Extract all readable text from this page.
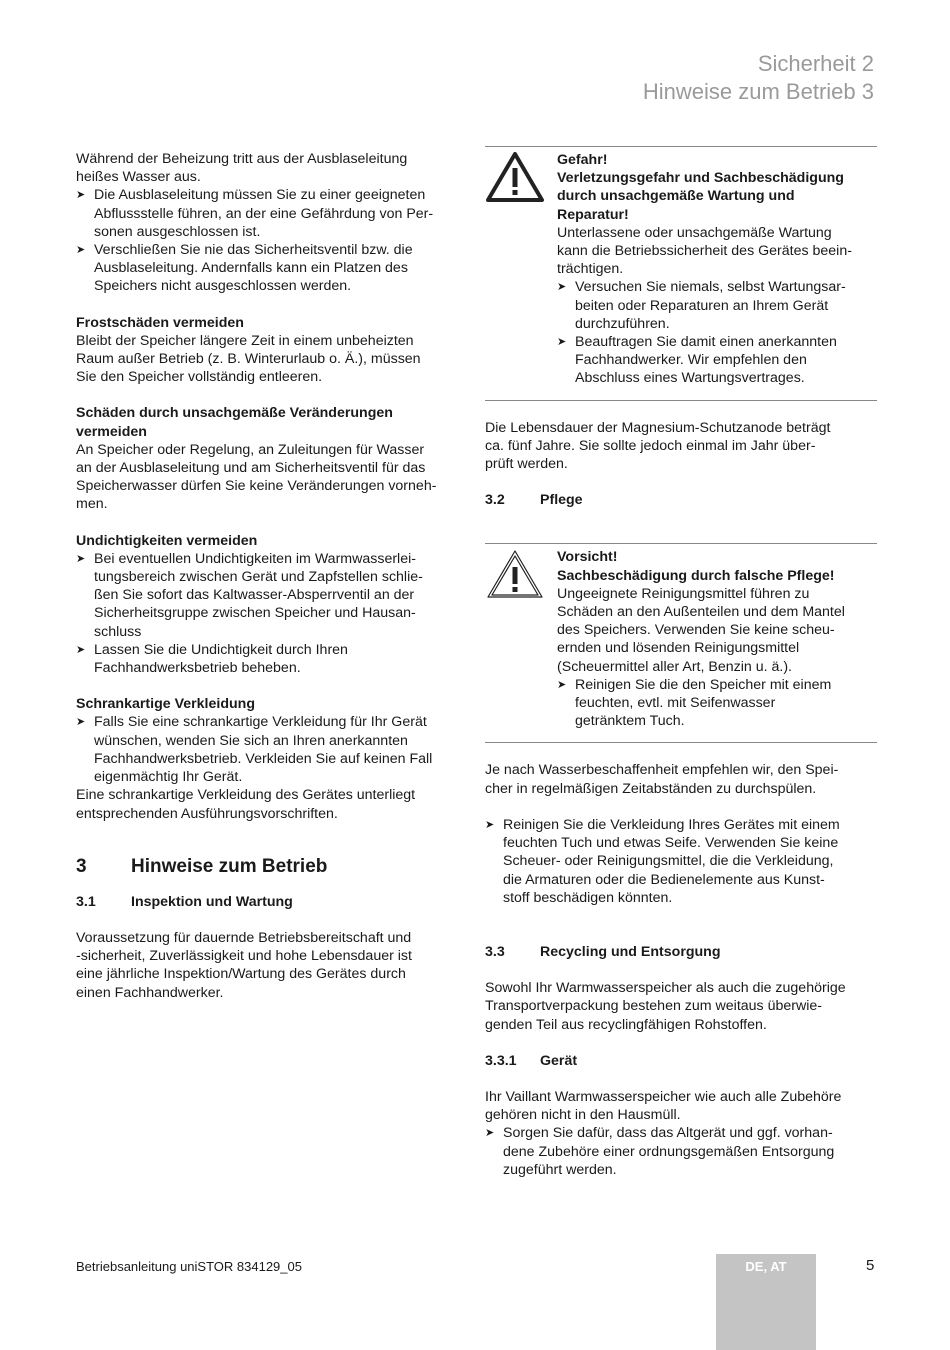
Sicherheit 2
Hinweise zum Betrieb 3
Während der Beheizung tritt aus der Ausblaseleitung
heißes Wasser aus.
➤ Die Ausblaseleitung müssen Sie zu einer geeigneten
Abflussstelle führen, an der eine Gefährdung von Per-
sonen ausgeschlossen ist.
➤ Verschließen Sie nie das Sicherheitsventil bzw. die
Ausblaseleitung. Andernfalls kann ein Platzen des
Speichers nicht ausgeschlossen werden.
Frostschäden vermeiden
Bleibt der Speicher längere Zeit in einem unbeheizten
Raum außer Betrieb (z. B. Winterurlaub o. Ä.), müssen
Sie den Speicher vollständig entleeren.
Schäden durch unsachgemäße Veränderungen
vermeiden
An Speicher oder Regelung, an Zuleitungen für Wasser
an der Ausblaseleitung und am Sicherheitsventil für das
Speicherwasser dürfen Sie keine Veränderungen vorneh-
men.
Undichtigkeiten vermeiden
➤ Bei eventuellen Undichtigkeiten im Warmwasserlei-
tungsbereich zwischen Gerät und Zapfstellen schlie-
ßen Sie sofort das Kaltwasser-Absperrventil an der
Sicherheitsgruppe zwischen Speicher und Hausan-
schluss
➤ Lassen Sie die Undichtigkeit durch Ihren
Fachhandwerksbetrieb beheben.
Schrankartige Verkleidung
➤ Falls Sie eine schrankartige Verkleidung für Ihr Gerät
wünschen, wenden Sie sich an Ihren anerkannten
Fachhandwerksbetrieb. Verkleiden Sie auf keinen Fall
eigenmächtig Ihr Gerät.
Eine schrankartige Verkleidung des Gerätes unterliegt
entsprechenden Ausführungsvorschriften.
3	Hinweise zum Betrieb
3.1	Inspektion und Wartung
Voraussetzung für dauernde Betriebsbereitschaft und
-sicherheit, Zuverlässigkeit und hohe Lebensdauer ist
eine jährliche Inspektion/Wartung des Gerätes durch
einen Fachhandwerker.
Gefahr!
Verletzungsgefahr und Sachbeschädigung
durch unsachgemäße Wartung und
Reparatur!
Unterlassene oder unsachgemäße Wartung
kann die Betriebssicherheit des Gerätes beein-
trächtigen.
➤ Versuchen Sie niemals, selbst Wartungsar-
beiten oder Reparaturen an Ihrem Gerät
durchzuführen.
➤ Beauftragen Sie damit einen anerkannten
Fachhandwerker. Wir empfehlen den
Abschluss eines Wartungsvertrages.
Die Lebensdauer der Magnesium-Schutzanode beträgt
ca. fünf Jahre. Sie sollte jedoch einmal im Jahr über-
prüft werden.
3.2	Pflege
Vorsicht!
Sachbeschädigung durch falsche Pflege!
Ungeeignete Reinigungsmittel führen zu
Schäden an den Außenteilen und dem Mantel
des Speichers. Verwenden Sie keine scheu-
ernden und lösenden Reinigungsmittel
(Scheuermittel aller Art, Benzin u. ä.).
➤ Reinigen Sie die den Speicher mit einem
feuchten, evtl. mit Seifenwasser
getränktem Tuch.
Je nach Wasserbeschaffenheit empfehlen wir, den Spei-
cher in regelmäßigen Zeitabständen zu durchspülen.
➤ Reinigen Sie die Verkleidung Ihres Gerätes mit einem
feuchten Tuch und etwas Seife. Verwenden Sie keine
Scheuer- oder Reinigungsmittel, die die Verkleidung,
die Armaturen oder die Bedienelemente aus Kunst-
stoff beschädigen könnten.
3.3	Recycling und Entsorgung
Sowohl Ihr Warmwasserspeicher als auch die zugehörige
Transportverpackung bestehen zum weitaus überwie-
genden Teil aus recyclingfähigen Rohstoffen.
3.3.1	Gerät
Ihr Vaillant Warmwasserspeicher wie auch alle Zubehöre
gehören nicht in den Hausmüll.
➤ Sorgen Sie dafür, dass das Altgerät und ggf. vorhan-
dene Zubehöre einer ordnungsgemäßen Entsorgung
zugeführt werden.
Betriebsanleitung uniSTOR 834129_05	DE, AT	5
